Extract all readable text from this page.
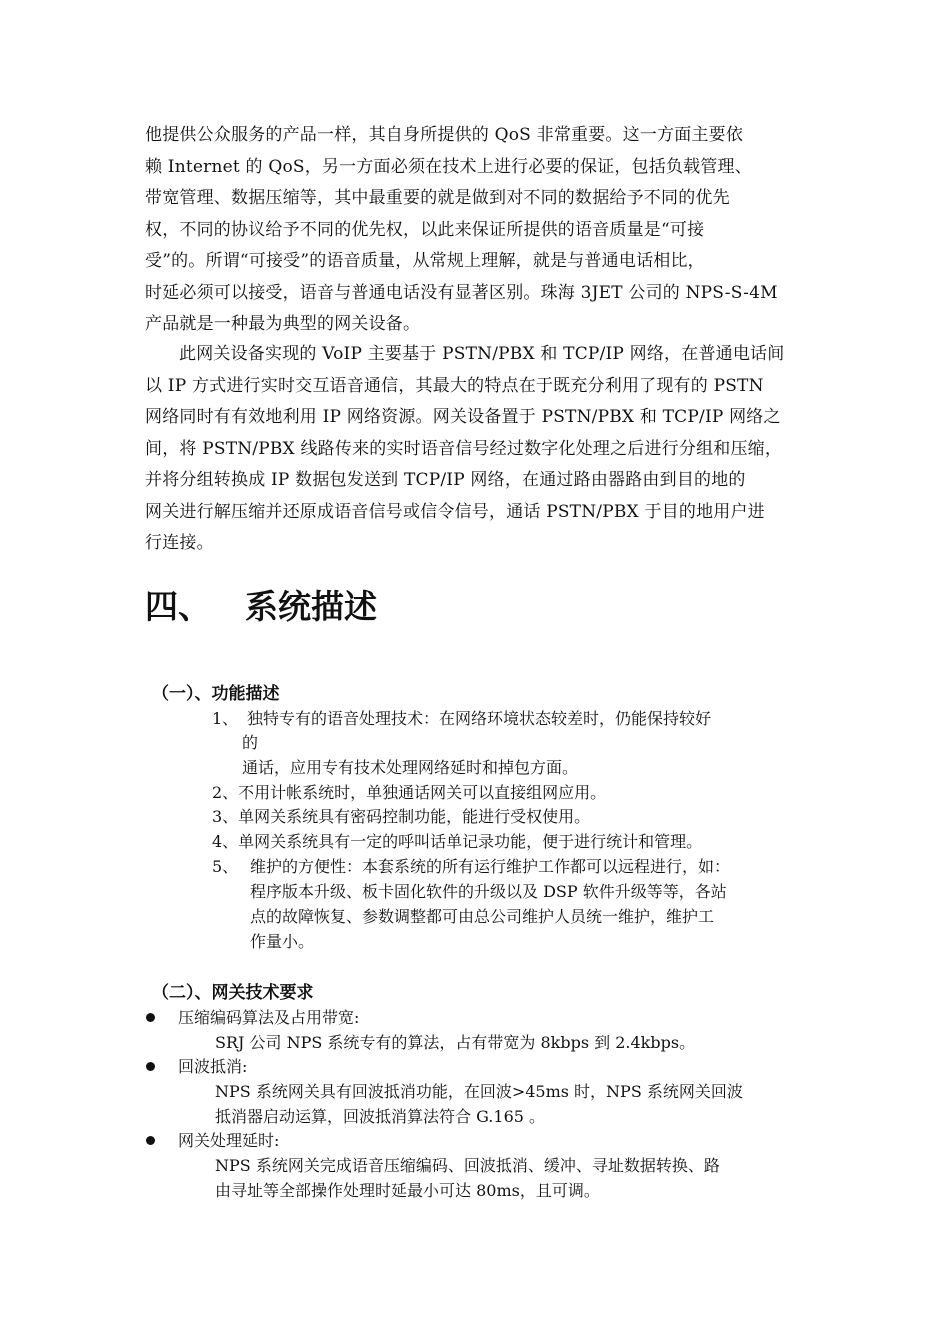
他提供公众服务的产品一样，其自身所提供的 QoS 非常重要。这一方面主要依
赖 Internet 的 QoS，另一方面必须在技术上进行必要的保证，包括负载管理、
带宽管理、数据压缩等，其中最重要的就是做到对不同的数据给予不同的优先
权，不同的协议给予不同的优先权，以此来保证所提供的语音质量是“可接
受”的。所谓“可接受”的语音质量，从常规上理解，就是与普通电话相比，
时延必须可以接受，语音与普通电话没有显著区别。珠海 3JET 公司的 NPS-S-4M
产品就是一种最为典型的网关设备。
此网关设备实现的 VoIP 主要基于 PSTN/PBX 和 TCP/IP 网络，在普通电话间
以 IP 方式进行实时交互语音通信，其最大的特点在于既充分利用了现有的 PSTN
网络同时有有效地利用 IP 网络资源。网关设备置于 PSTN/PBX 和 TCP/IP 网络之
间，将 PSTN/PBX 线路传来的实时语音信号经过数字化处理之后进行分组和压缩，
并将分组转换成 IP 数据包发送到 TCP/IP 网络，在通过路由器路由到目的地的
网关进行解压缩并还原成语音信号或信令信号，通话 PSTN/PBX 于目的地用户进
行连接。
四、 系统描述
（一）、功能描述
1、 独特专有的语音处理技术：在网络环境状态较差时，仍能保持较好
的
通话，应用专有技术处理网络延时和掉包方面。
2、不用计帐系统时，单独通话网关可以直接组网应用。
3、单网关系统具有密码控制功能，能进行受权使用。
4、单网关系统具有一定的呼叫话单记录功能，便于进行统计和管理。
5、 维护的方便性：本套系统的所有运行维护工作都可以远程进行，如：
程序版本升级、板卡固化软件的升级以及 DSP 软件升级等等，各站
点的故障恢复、参数调整都可由总公司维护人员统一维护，维护工
作量小。
（二）、网关技术要求
压缩编码算法及占用带宽:
SRJ 公司 NPS 系统专有的算法，占有带宽为 8kbps 到 2.4kbps。
回波抵消:
NPS 系统网关具有回波抵消功能，在回波>45ms 时，NPS 系统网关回波
抵消器启动运算，回波抵消算法符合 G.165 。
网关处理延时:
NPS 系统网关完成语音压缩编码、回波抵消、缓冲、寻址数据转换、路
由寻址等全部操作处理时延最小可达 80ms，且可调。
